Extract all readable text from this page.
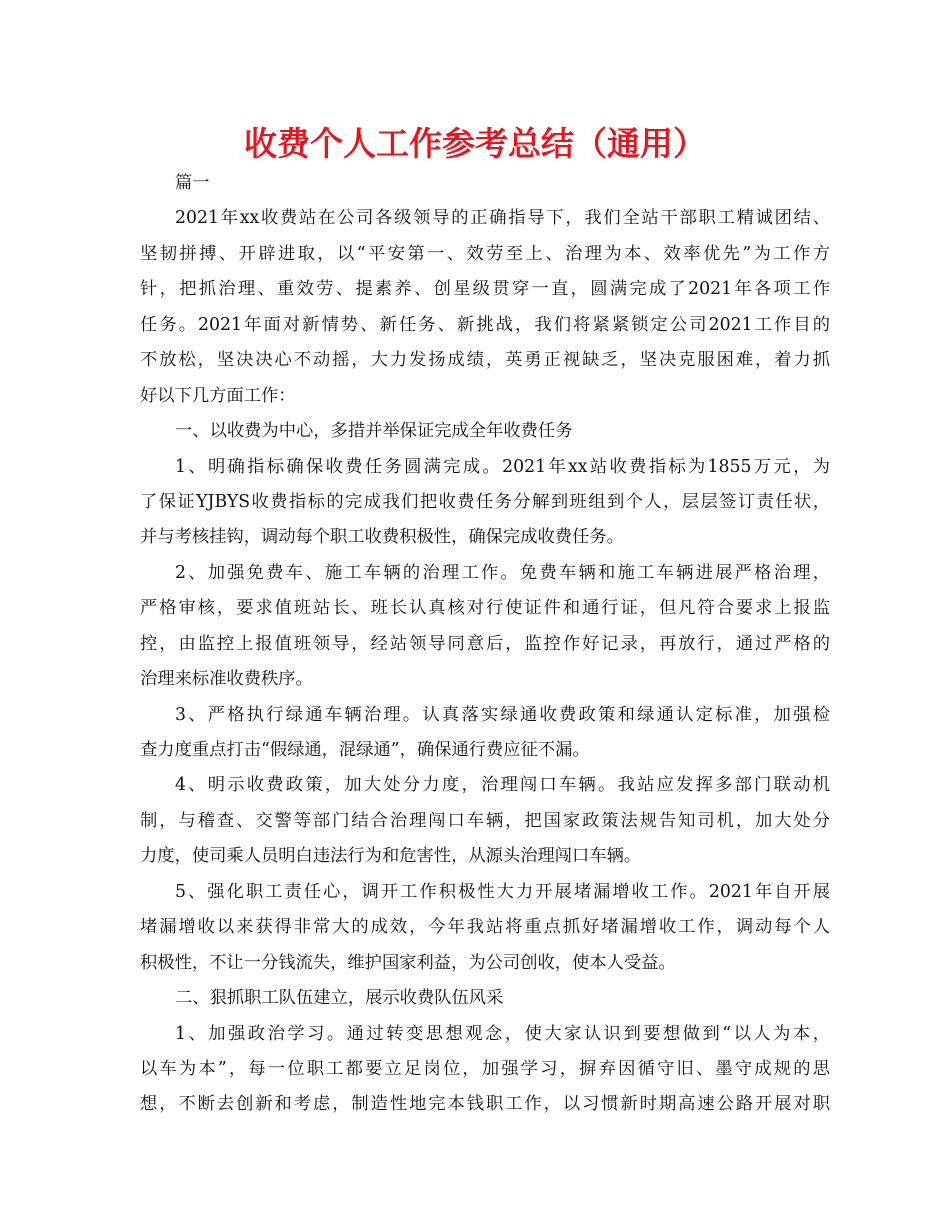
收费个人工作参考总结（通用）
篇一
2021年xx收费站在公司各级领导的正确指导下，我们全站干部职工精诚团结、
坚韧拼搏、开辟进取，以“平安第一、效劳至上、治理为本、效率优先”为工作方
针，把抓治理、重效劳、提素养、创星级贯穿一直，圆满完成了2021年各项工作
任务。2021年面对新情势、新任务、新挑战，我们将紧紧锁定公司2021工作目的
不放松，坚决决心不动摇，大力发扬成绩，英勇正视缺乏，坚决克服困难，着力抓
好以下几方面工作：
一、以收费为中心，多措并举保证完成全年收费任务
1、明确指标确保收费任务圆满完成。2021年xx站收费指标为1855万元，为
了保证YJBYS收费指标的完成我们把收费任务分解到班组到个人，层层签订责任状，
并与考核挂钩，调动每个职工收费积极性，确保完成收费任务。
2、加强免费车、施工车辆的治理工作。免费车辆和施工车辆进展严格治理，
严格审核，要求值班站长、班长认真核对行使证件和通行证，但凡符合要求上报监
控，由监控上报值班领导，经站领导同意后，监控作好记录，再放行，通过严格的
治理来标准收费秩序。
3、严格执行绿通车辆治理。认真落实绿通收费政策和绿通认定标准，加强检
查力度重点打击“假绿通，混绿通”，确保通行费应征不漏。
4、明示收费政策，加大处分力度，治理闯口车辆。我站应发挥多部门联动机
制，与稽查、交警等部门结合治理闯口车辆，把国家政策法规告知司机，加大处分
力度，使司乘人员明白违法行为和危害性，从源头治理闯口车辆。
5、强化职工责任心，调开工作积极性大力开展堵漏增收工作。2021年自开展
堵漏增收以来获得非常大的成效，今年我站将重点抓好堵漏增收工作，调动每个人
积极性，不让一分钱流失，维护国家利益，为公司创收，使本人受益。
二、狠抓职工队伍建立，展示收费队伍风采
1、加强政治学习。通过转变思想观念，使大家认识到要想做到“以人为本，
以车为本”，每一位职工都要立足岗位，加强学习，摒弃因循守旧、墨守成规的思
想，不断去创新和考虑，制造性地完本钱职工作，以习惯新时期高速公路开展对职
